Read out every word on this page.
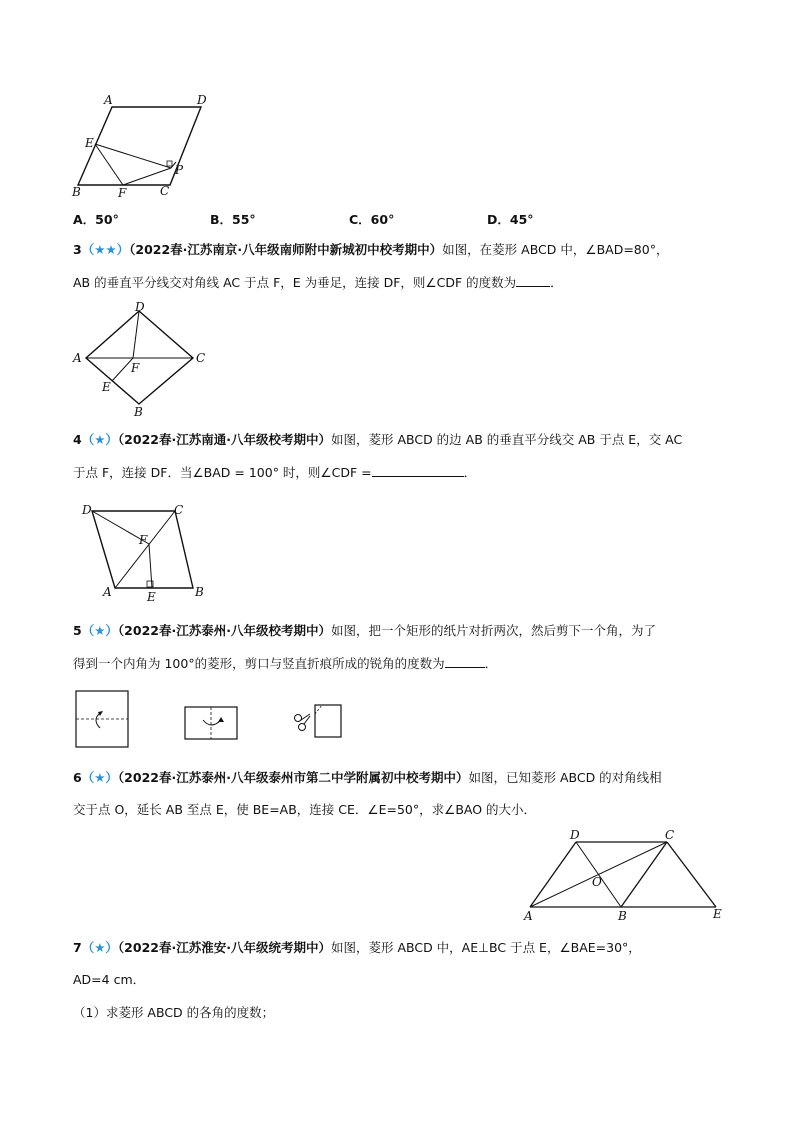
A	D
E
P
B	F	C
A．50°	B．55°	C．60°	D．45°
3（★★）（2022春·江苏南京·八年级南师附中新城初中校考期中）如图，在菱形 ABCD 中，∠BAD=80°，
AB 的垂直平分线交对角线 AC 于点 F，E 为垂足，连接 DF，则∠CDF 的度数为	．
D
A	C
F
E
B
4（★）（2022春·江苏南通·八年级校考期中）如图，菱形 ABCD 的边 AB 的垂直平分线交 AB 于点 E，交 AC
于点 F，连接 DF．当∠BAD = 100° 时，则∠CDF =	．
D	C
F
A	E	B
5（★）（2022春·江苏泰州·八年级校考期中）如图，把一个矩形的纸片对折两次，然后剪下一个角，为了
得到一个内角为 100°的菱形，剪口与竖直折痕所成的锐角的度数为	．
6（★）（2022春·江苏泰州·八年级泰州市第二中学附属初中校考期中）如图，已知菱形 ABCD 的对角线相
交于点 O，延长 AB 至点 E，使 BE=AB，连接 CE．∠E=50°，求∠BAO 的大小．
D	C
O
A	B	E
7（★）（2022春·江苏淮安·八年级统考期中）如图，菱形 ABCD 中，AE⊥BC 于点 E，∠BAE=30°，
AD=4 cm．
（1）求菱形 ABCD 的各角的度数；
